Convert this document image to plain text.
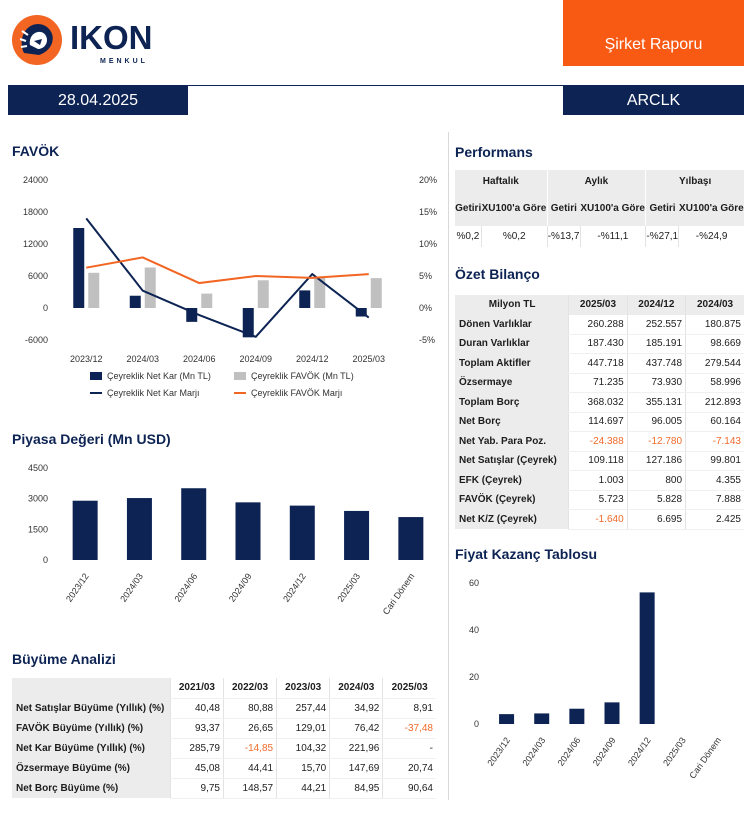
IKON
MENKUL
Şirket Raporu
28.04.2025	ARCLK
FAVÖK
24000
18000
12000
6000
0
-6000
20%
15%
10%
5%
0%
-5%
2023/12	2024/03	2024/06	2024/09	2024/12	2025/03
Çeyreklik Net Kar (Mn TL)	Çeyreklik FAVÖK (Mn TL)
Çeyreklik Net Kar Marjı	Çeyreklik FAVÖK Marjı
Piyasa Değeri (Mn USD)
4500
3000
1500
0
2023/12	2024/03	2024/06	2024/09	2024/12	2025/03 Cari Dönem
Büyüme Analizi
	2021/03	2022/03	2023/03	2024/03	2025/03
Net Satışlar Büyüme (Yıllık) (%)	40,48	80,88	257,44	34,92	8,91
FAVÖK Büyüme (Yıllık) (%)	93,37	26,65	129,01	76,42	-37,48
Net Kar Büyüme (Yıllık) (%)	285,79	-14,85	104,32	221,96	-
Özsermaye Büyüme (%)	45,08	44,41	15,70	147,69	20,74
Net Borç Büyüme (%)	9,75	148,57	44,21	84,95	90,64
Performans
Haftalık		Aylık		Yılbaşı	
Getiri	XU100'a Göre	Getiri	XU100'a Göre	Getiri	XU100'a Göre
%0,2	%0,2	-%13,7	-%11,1	-%27,1	-%24,9
Özet Bilanço
Milyon TL	2025/03	2024/12	2024/03
Dönen Varlıklar	260.288	252.557	180.875
Duran Varlıklar	187.430	185.191	98.669
Toplam Aktifler	447.718	437.748	279.544
Özsermaye	71.235	73.930	58.996
Toplam Borç	368.032	355.131	212.893
Net Borç	114.697	96.005	60.164
Net Yab. Para Poz.	-24.388	-12.780	-7.143
Net Satışlar (Çeyrek)	109.118	127.186	99.801
EFK (Çeyrek)	1.003	800	4.355
FAVÖK (Çeyrek)	5.723	5.828	7.888
Net K/Z (Çeyrek)	-1.640	6.695	2.425
Fiyat Kazanç Tablosu
60
40
20
0
2023/12 2024/03 2024/06 2024/09 2024/12 2025/03 Cari Dönem
